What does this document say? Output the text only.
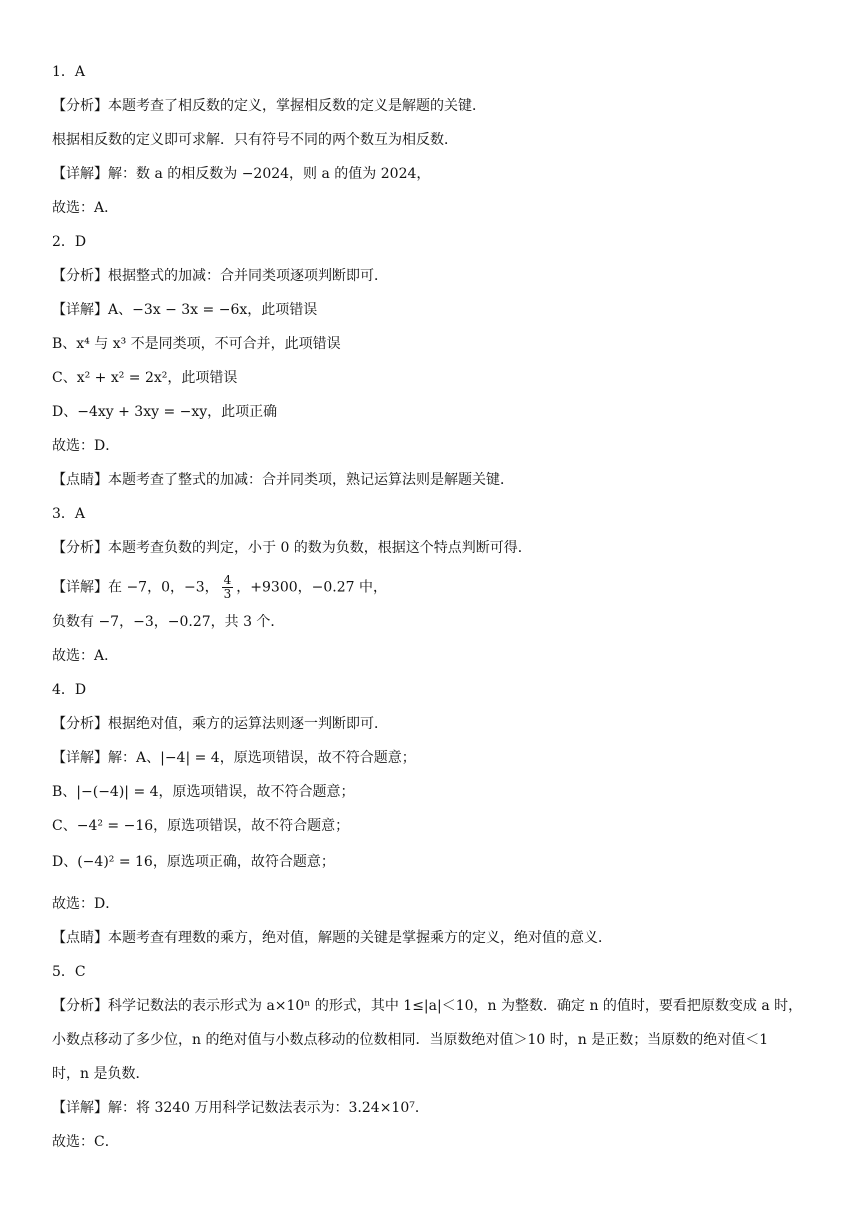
1．A
【分析】本题考查了相反数的定义，掌握相反数的定义是解题的关键．
根据相反数的定义即可求解．只有符号不同的两个数互为相反数．
【详解】解：数 a 的相反数为 −2024，则 a 的值为 2024，
故选：A．
2．D
【分析】根据整式的加减：合并同类项逐项判断即可．
【详解】A、−3x − 3x = −6x，此项错误
B、x⁴ 与 x³ 不是同类项，不可合并，此项错误
C、x² + x² = 2x²，此项错误
D、−4xy + 3xy = −xy，此项正确
故选：D．
【点睛】本题考查了整式的加减：合并同类项，熟记运算法则是解题关键．
3．A
【分析】本题考查负数的判定，小于 0 的数为负数，根据这个特点判断可得．
【详解】在 −7，0，−3， $\frac{4}{3}$ ，+9300，−0.27 中，
负数有 −7，−3，−0.27，共 3 个．
故选：A．
4．D
【分析】根据绝对值，乘方的运算法则逐一判断即可．
【详解】解：A、|−4| = 4，原选项错误，故不符合题意；
B、|−(−4)| = 4，原选项错误，故不符合题意；
C、−4² = −16，原选项错误，故不符合题意；
D、(−4)² = 16，原选项正确，故符合题意；
故选：D．
【点睛】本题考查有理数的乘方，绝对值，解题的关键是掌握乘方的定义，绝对值的意义．
5．C
【分析】科学记数法的表示形式为 a×10ⁿ 的形式，其中 1≤|a|＜10，n 为整数．确定 n 的值时，要看把原数变成 a 时，
小数点移动了多少位，n 的绝对值与小数点移动的位数相同．当原数绝对值＞10 时，n 是正数；当原数的绝对值＜1
时，n 是负数．
【详解】解：将 3240 万用科学记数法表示为：3.24×10⁷．
故选：C．
